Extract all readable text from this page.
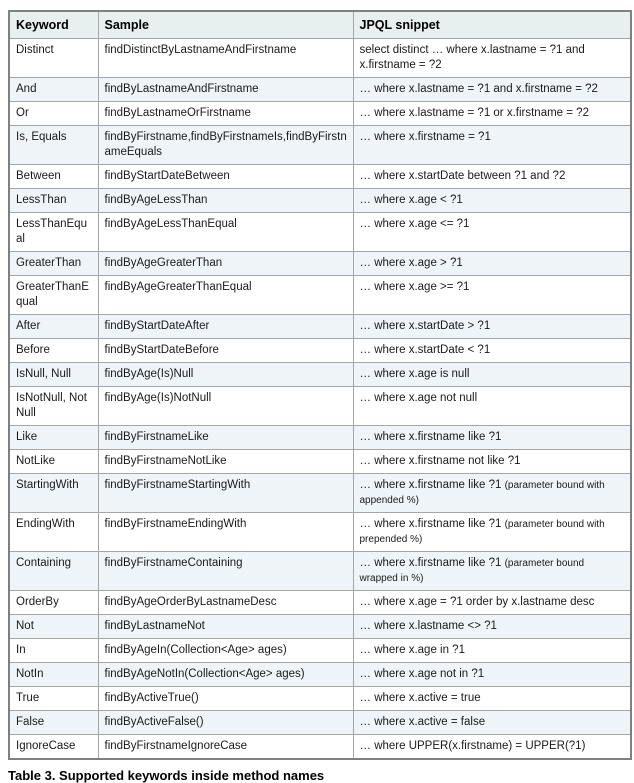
Keyword	Sample	JPQL snippet
Distinct	findDistinctByLastnameAndFirstname	select distinct … where x.lastname = ?1 and x.firstname = ?2
And	findByLastnameAndFirstname	… where x.lastname = ?1 and x.firstname = ?2
Or	findByLastnameOrFirstname	… where x.lastname = ?1 or x.firstname = ?2
Is, Equals	findByFirstname,findByFirstnameIs,findByFirstnameEquals	… where x.firstname = ?1
Between	findByStartDateBetween	… where x.startDate between ?1 and ?2
LessThan	findByAgeLessThan	… where x.age < ?1
LessThanEqual	findByAgeLessThanEqual	… where x.age <= ?1
GreaterThan	findByAgeGreaterThan	… where x.age > ?1
GreaterThanEqual	findByAgeGreaterThanEqual	… where x.age >= ?1
After	findByStartDateAfter	… where x.startDate > ?1
Before	findByStartDateBefore	… where x.startDate < ?1
IsNull, Null	findByAge(Is)Null	… where x.age is null
IsNotNull, NotNull	findByAge(Is)NotNull	… where x.age not null
Like	findByFirstnameLike	… where x.firstname like ?1
NotLike	findByFirstnameNotLike	… where x.firstname not like ?1
StartingWith	findByFirstnameStartingWith	… where x.firstname like ?1 (parameter bound with appended %)
EndingWith	findByFirstnameEndingWith	… where x.firstname like ?1 (parameter bound with prepended %)
Containing	findByFirstnameContaining	… where x.firstname like ?1 (parameter bound wrapped in %)
OrderBy	findByAgeOrderByLastnameDesc	… where x.age = ?1 order by x.lastname desc
Not	findByLastnameNot	… where x.lastname <> ?1
In	findByAgeIn(Collection<Age> ages)	… where x.age in ?1
NotIn	findByAgeNotIn(Collection<Age> ages)	… where x.age not in ?1
True	findByActiveTrue()	… where x.active = true
False	findByActiveFalse()	… where x.active = false
IgnoreCase	findByFirstnameIgnoreCase	… where UPPER(x.firstname) = UPPER(?1)
Table 3. Supported keywords inside method names
